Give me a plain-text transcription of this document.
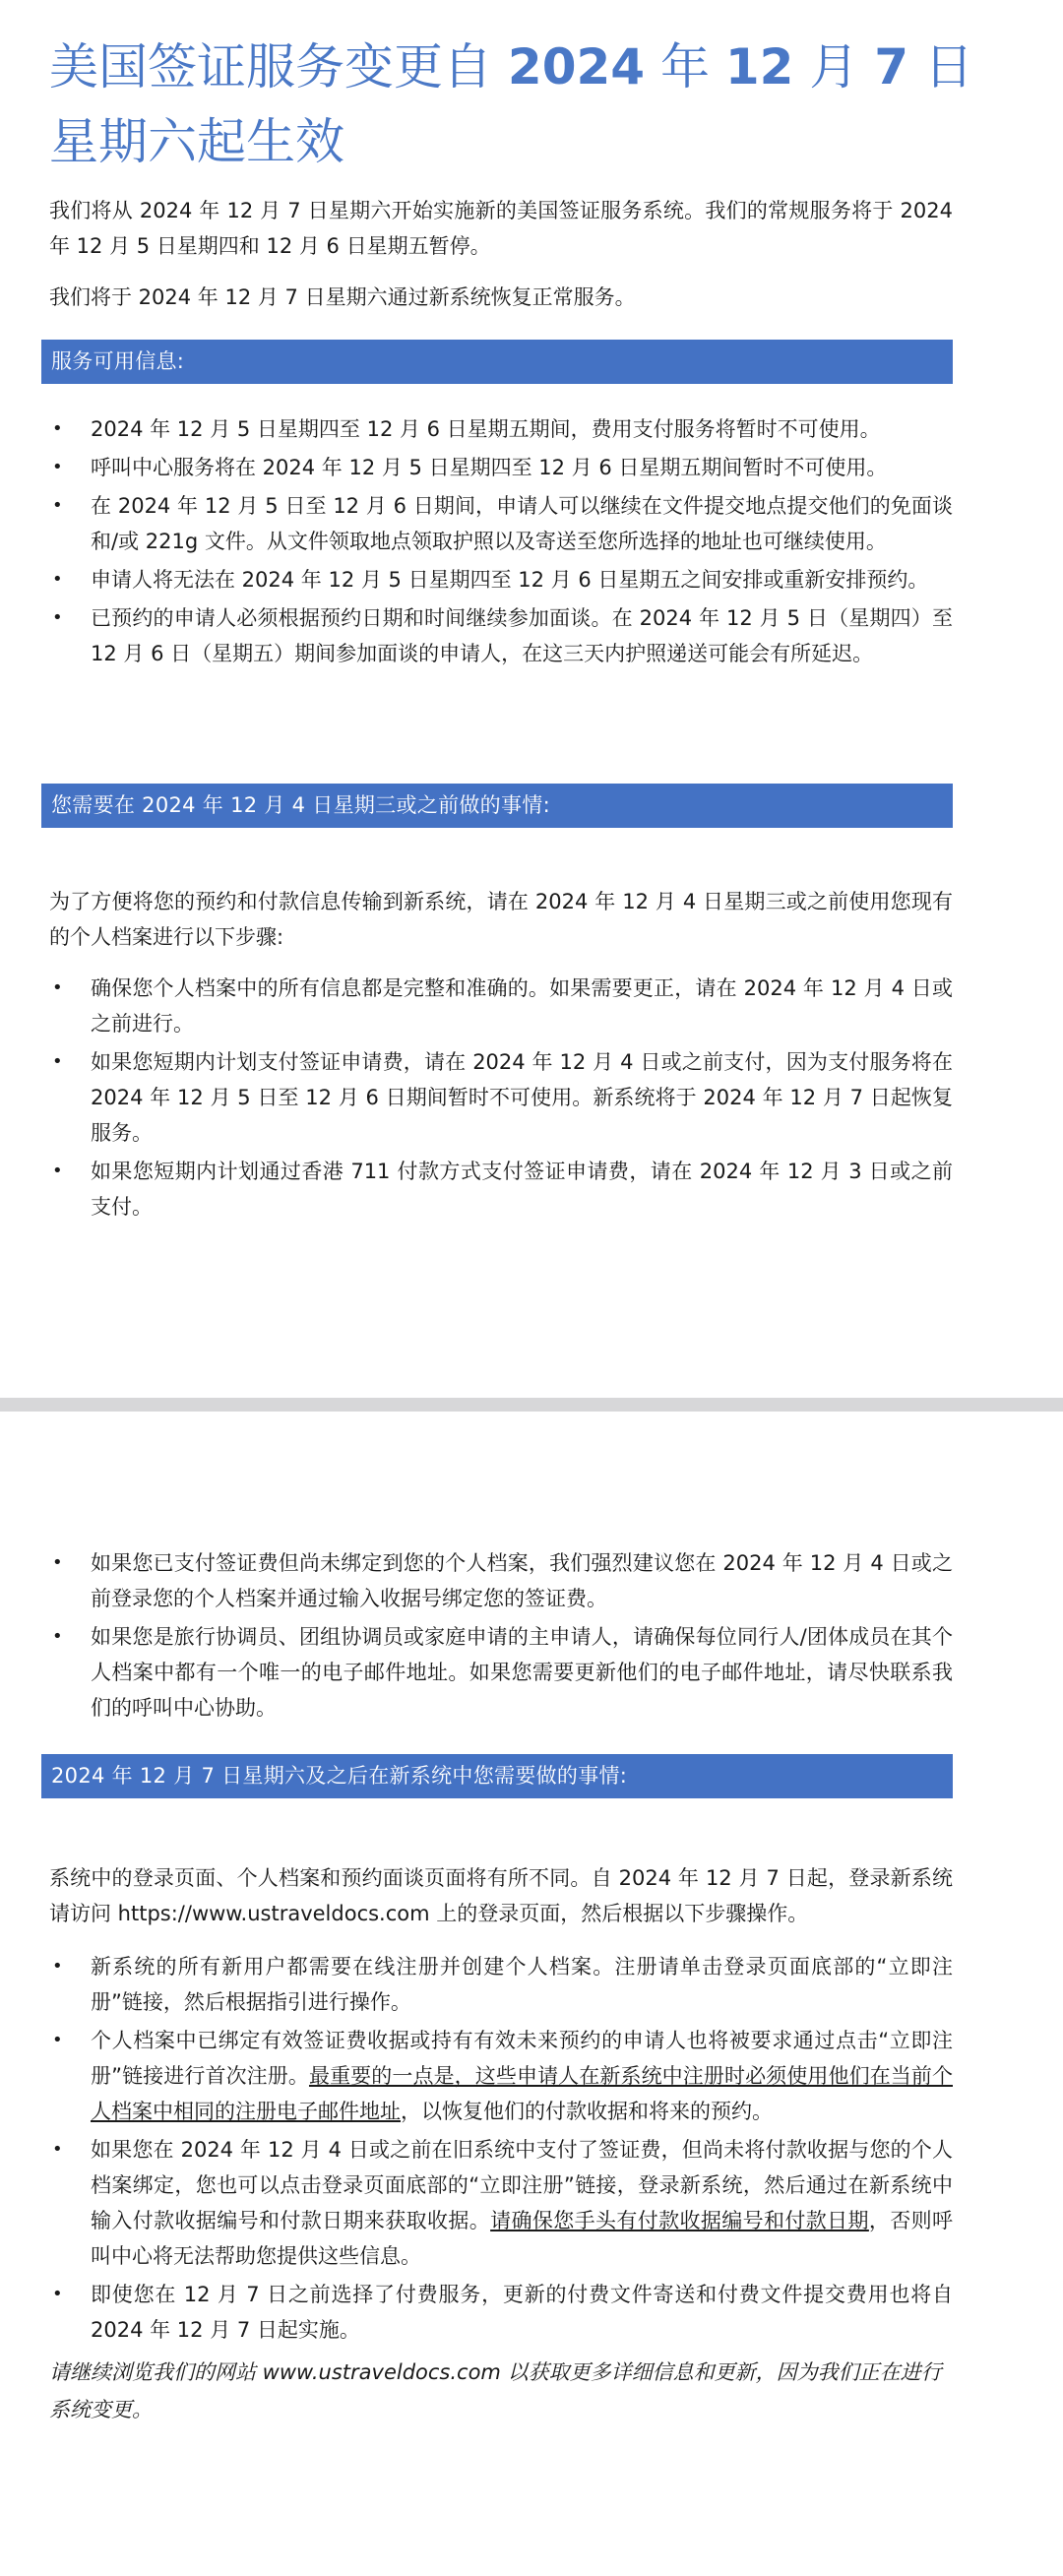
美国签证服务变更自 2024 年 12 月 7 日
星期六起生效

我们将从 2024 年 12 月 7 日星期六开始实施新的美国签证服务系统。我们的常规服务将于 2024 年 12 月 5 日星期四和 12 月 6 日星期五暂停。

我们将于 2024 年 12 月 7 日星期六通过新系统恢复正常服务。

服务可用信息:
• 2024 年 12 月 5 日星期四至 12 月 6 日星期五期间，费用支付服务将暂时不可使用。
• 呼叫中心服务将在 2024 年 12 月 5 日星期四至 12 月 6 日星期五期间暂时不可使用。
• 在 2024 年 12 月 5 日至 12 月 6 日期间，申请人可以继续在文件提交地点提交他们的免面谈和/或 221g 文件。从文件领取地点领取护照以及寄送至您所选择的地址也可继续使用。
• 申请人将无法在 2024 年 12 月 5 日星期四至 12 月 6 日星期五之间安排或重新安排预约。
• 已预约的申请人必须根据预约日期和时间继续参加面谈。在 2024 年 12 月 5 日（星期四）至 12 月 6 日（星期五）期间参加面谈的申请人，在这三天内护照递送可能会有所延迟。
您需要在 2024 年 12 月 4 日星期三或之前做的事情:

为了方便将您的预约和付款信息传输到新系统，请在 2024 年 12 月 4 日星期三或之前使用您现有的个人档案进行以下步骤:

• 确保您个人档案中的所有信息都是完整和准确的。如果需要更正，请在 2024 年 12 月 4 日或之前进行。
• 如果您短期内计划支付签证申请费，请在 2024 年 12 月 4 日或之前支付，因为支付服务将在 2024 年 12 月 5 日至 12 月 6 日期间暂时不可使用。新系统将于 2024 年 12 月 7 日起恢复服务。
• 如果您短期内计划通过香港 711 付款方式支付签证申请费，请在 2024 年 12 月 3 日或之前支付。
• 如果您已支付签证费但尚未绑定到您的个人档案，我们强烈建议您在 2024 年 12 月 4 日或之前登录您的个人档案并通过输入收据号绑定您的签证费。
• 如果您是旅行协调员、团组协调员或家庭申请的主申请人，请确保每位同行人/团体成员在其个人档案中都有一个唯一的电子邮件地址。如果您需要更新他们的电子邮件地址，请尽快联系我们的呼叫中心协助。
2024 年 12 月 7 日星期六及之后在新系统中您需要做的事情:

系统中的登录页面、个人档案和预约面谈页面将有所不同。自 2024 年 12 月 7 日起，登录新系统请访问 https://www.ustraveldocs.com 上的登录页面，然后根据以下步骤操作。

• 新系统的所有新用户都需要在线注册并创建个人档案。注册请单击登录页面底部的“立即注册”链接，然后根据指引进行操作。
• 个人档案中已绑定有效签证费收据或持有有效未来预约的申请人也将被要求通过点击“立即注册”链接进行首次注册。最重要的一点是，这些申请人在新系统中注册时必须使用他们在当前个人档案中相同的注册电子邮件地址，以恢复他们的付款收据和将来的预约。
• 如果您在 2024 年 12 月 4 日或之前在旧系统中支付了签证费，但尚未将付款收据与您的个人档案绑定，您也可以点击登录页面底部的“立即注册”链接，登录新系统，然后通过在新系统中输入付款收据编号和付款日期来获取收据。请确保您手头有付款收据编号和付款日期，否则呼叫中心将无法帮助您提供这些信息。
• 即使您在 12 月 7 日之前选择了付费服务，更新的付费文件寄送和付费文件提交费用也将自 2024 年 12 月 7 日起实施。

请继续浏览我们的网站 www.ustraveldocs.com 以获取更多详细信息和更新，因为我们正在进行系统变更。
